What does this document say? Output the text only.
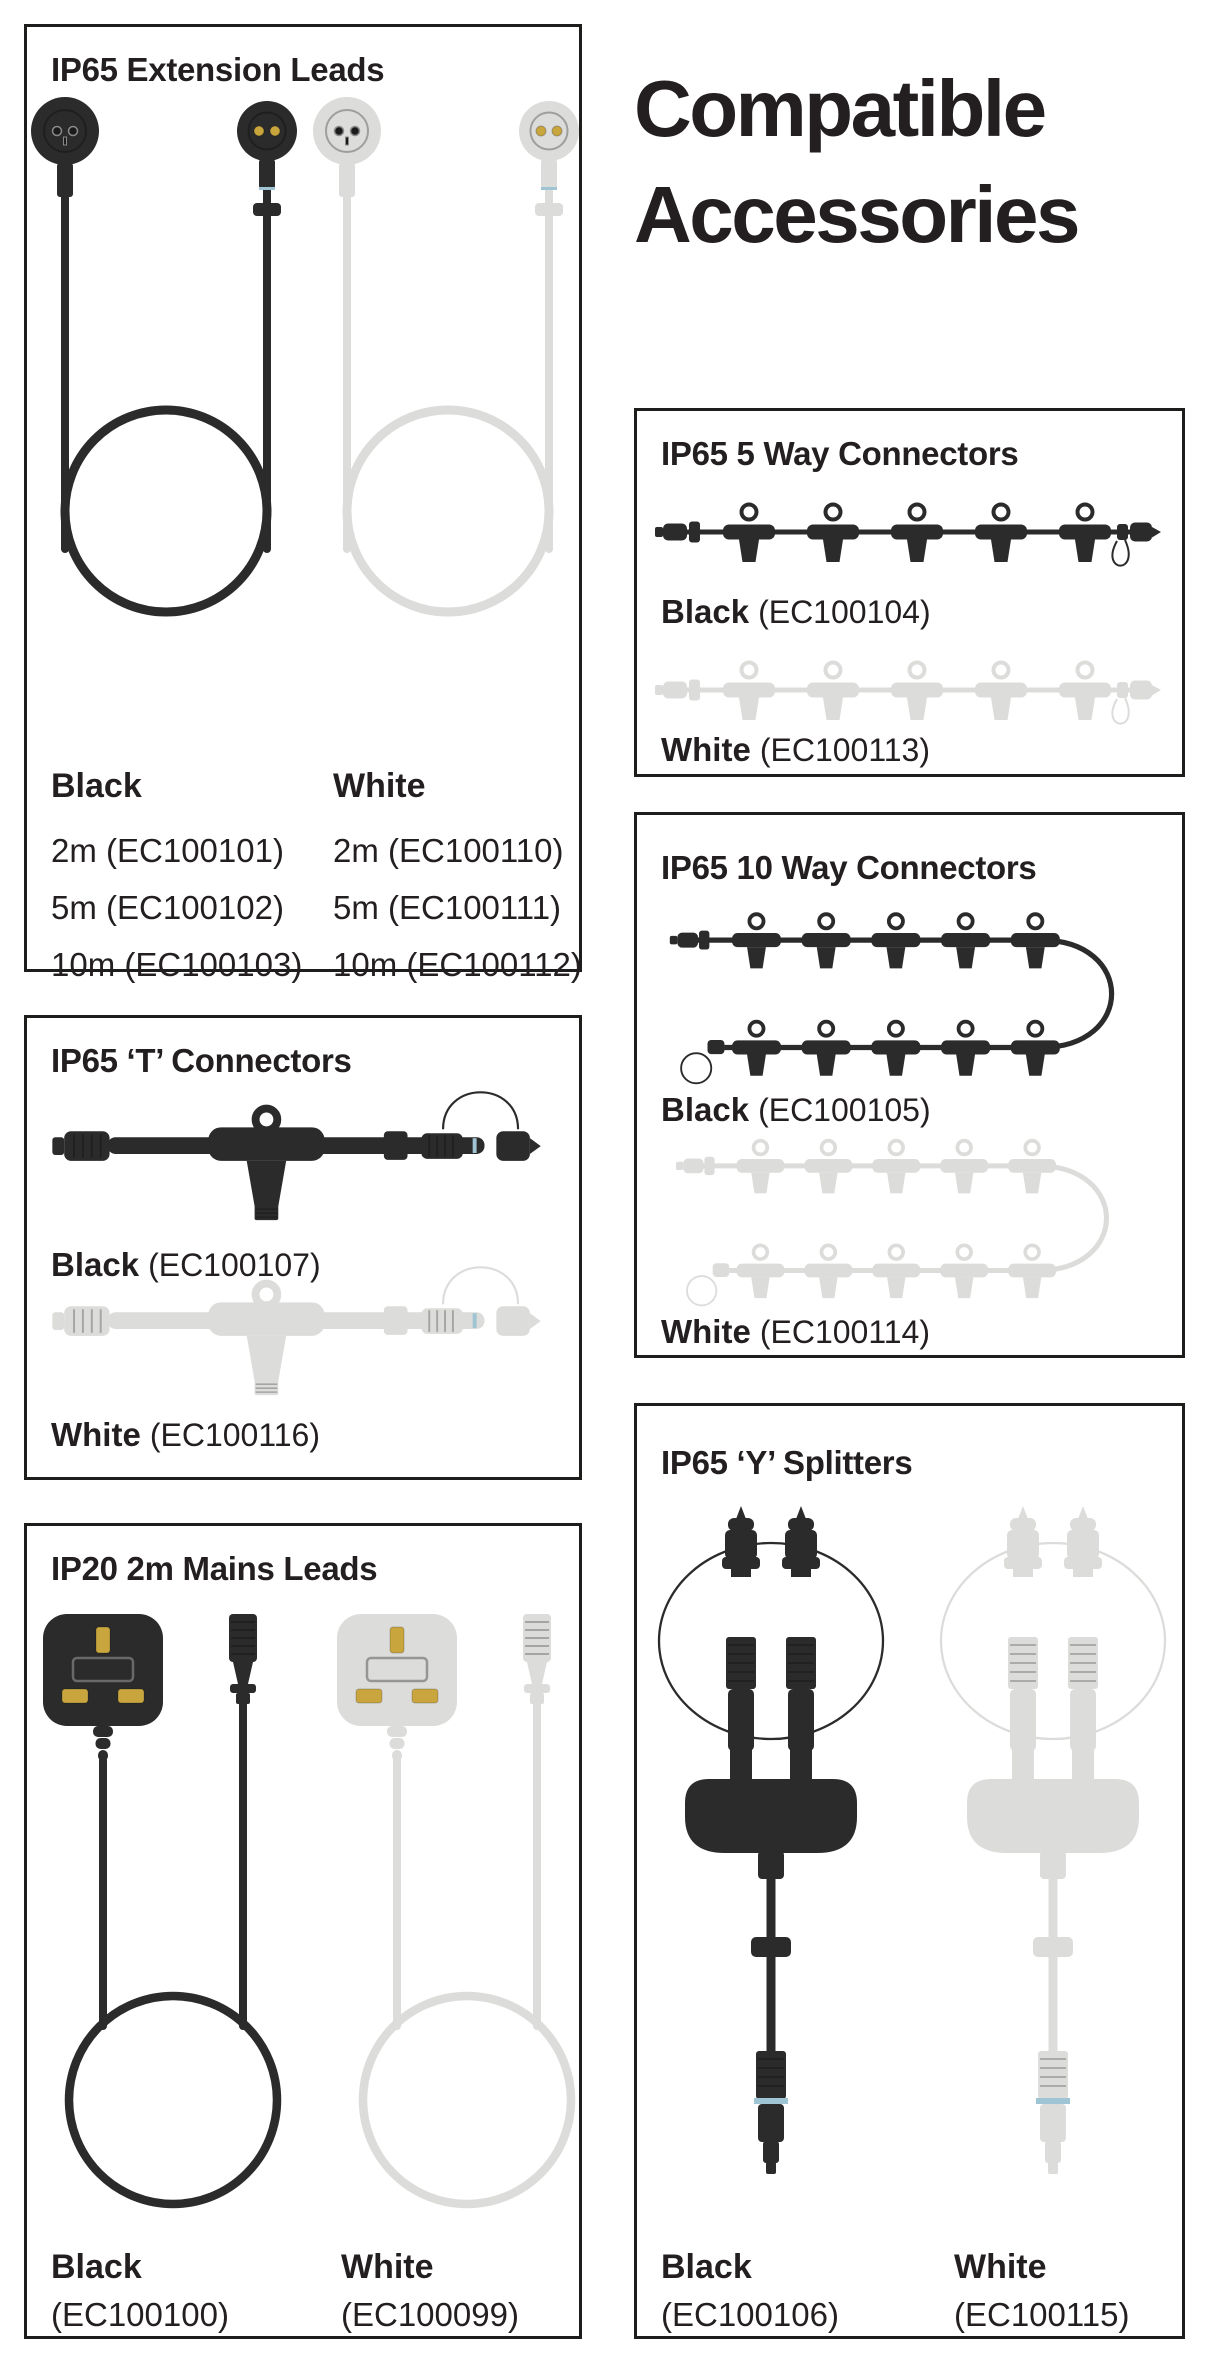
Compatible
Accessories
IP65 Extension Leads
Black
2m (EC100101)
5m (EC100102)
10m (EC100103)
White
2m (EC100110)
5m (EC100111)
10m (EC100112)
IP65 ‘T’ Connectors
Black (EC100107)
White (EC100116)
IP20 2m Mains Leads
Black
(EC100100)
White
(EC100099)
IP65 5 Way Connectors
Black (EC100104)
White (EC100113)
IP65 10 Way Connectors
Black (EC100105)
White (EC100114)
IP65 ‘Y’ Splitters
Black
(EC100106)
White
(EC100115)
